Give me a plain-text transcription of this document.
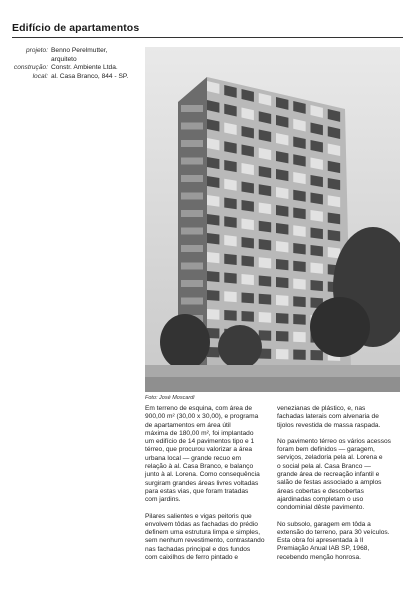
Edifício de apartamentos
projeto: Benno Perelmutter,
arquiteto
construção: Constr. Ambiente Ltda.
local: al. Casa Branco, 844 - SP.
Foto: José Moscardi

Em terreno de esquina, com área de
900,00 m² (30,00 x 30,00), e programa
de apartamentos em área útil
máxima de 180,00 m², foi implantado
um edifício de 14 pavimentos tipo e 1
térreo, que procurou valorizar a área
urbana local — grande recuo em
relação à al. Casa Branco, e balanço
junto à al. Lorena. Como consequência
surgiram grandes áreas livres voltadas
para estas vias, que foram tratadas
com jardins.

Pilares salientes e vigas peitoris que
envolvem tôdas as fachadas do prédio
definem uma estrutura limpa e simples,
sem nenhum revestimento, contrastando
nas fachadas principal e dos fundos
com caixilhos de ferro pintado e

venezianas de plástico, e, nas
fachadas laterais com alvenaria de
tijolos revestida de massa raspada.

No pavimento térreo os vários acessos
foram bem definidos — garagem,
serviços, zeladoria pela al. Lorena e
o social pela al. Casa Branco —
grande área de recreação infantil e
salão de festas associado a amplos
áreas cobertas e descobertas
ajardinadas completam o uso
condominial dêste pavimento.

No subsolo, garagem em tôda a
extensão do terreno, para 30 veículos.
Esta obra foi apresentada à II
Premiação Anual IAB SP, 1968,
recebendo menção honrosa.
